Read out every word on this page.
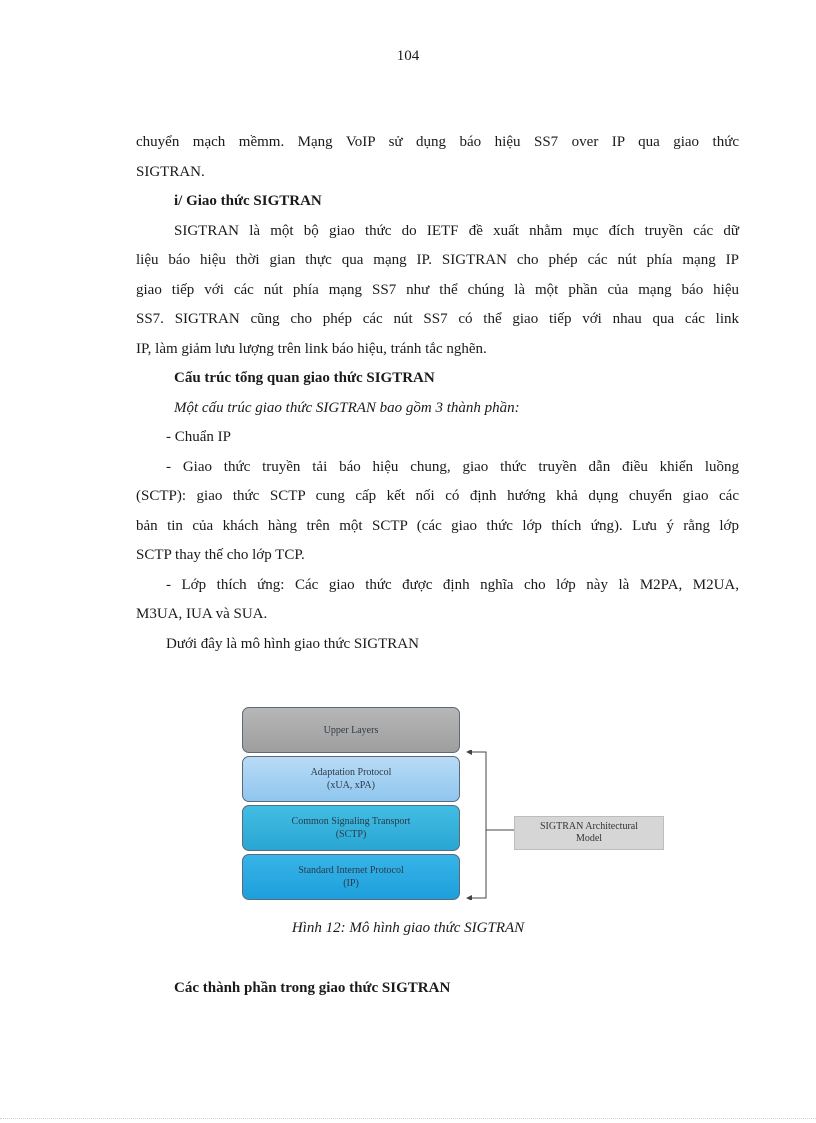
104

chuyển mạch mềmm. Mạng VoIP sử dụng báo hiệu SS7 over IP qua giao thức

SIGTRAN.

i/ Giao thức SIGTRAN

SIGTRAN là một bộ giao thức do IETF đề xuất nhằm mục đích truyền các dữ

liệu báo hiệu thời gian thực qua mạng IP. SIGTRAN cho phép các nút phía mạng IP

giao tiếp với các nút phía mạng SS7 như thể chúng là một phần của mạng báo hiệu

SS7. SIGTRAN cũng cho phép các nút SS7 có thể giao tiếp với nhau qua các link

IP, làm giảm lưu lượng trên link báo hiệu, tránh tắc nghẽn.

Cấu trúc tổng quan giao thức SIGTRAN

Một cấu trúc giao thức SIGTRAN bao gồm 3 thành phần:

- Chuẩn IP

- Giao thức truyền tải báo hiệu chung, giao thức truyền dẫn điều khiển luồng

(SCTP): giao thức SCTP cung cấp kết nối có định hướng khả dụng chuyển giao các

bản tin của khách hàng trên một SCTP (các giao thức lớp thích ứng). Lưu ý rằng lớp

SCTP thay thế cho lớp TCP.

- Lớp thích ứng: Các giao thức được định nghĩa cho lớp này là M2PA, M2UA,

M3UA, IUA và SUA.

Dưới đây là mô hình giao thức SIGTRAN

Upper Layers
Adaptation Protocol
(xUA, xPA)
Common Signaling Transport
(SCTP)
Standard Internet Protocol
(IP)
SIGTRAN Architectural
Model
Hình 12: Mô hình giao thức SIGTRAN
Các thành phần trong giao thức SIGTRAN
